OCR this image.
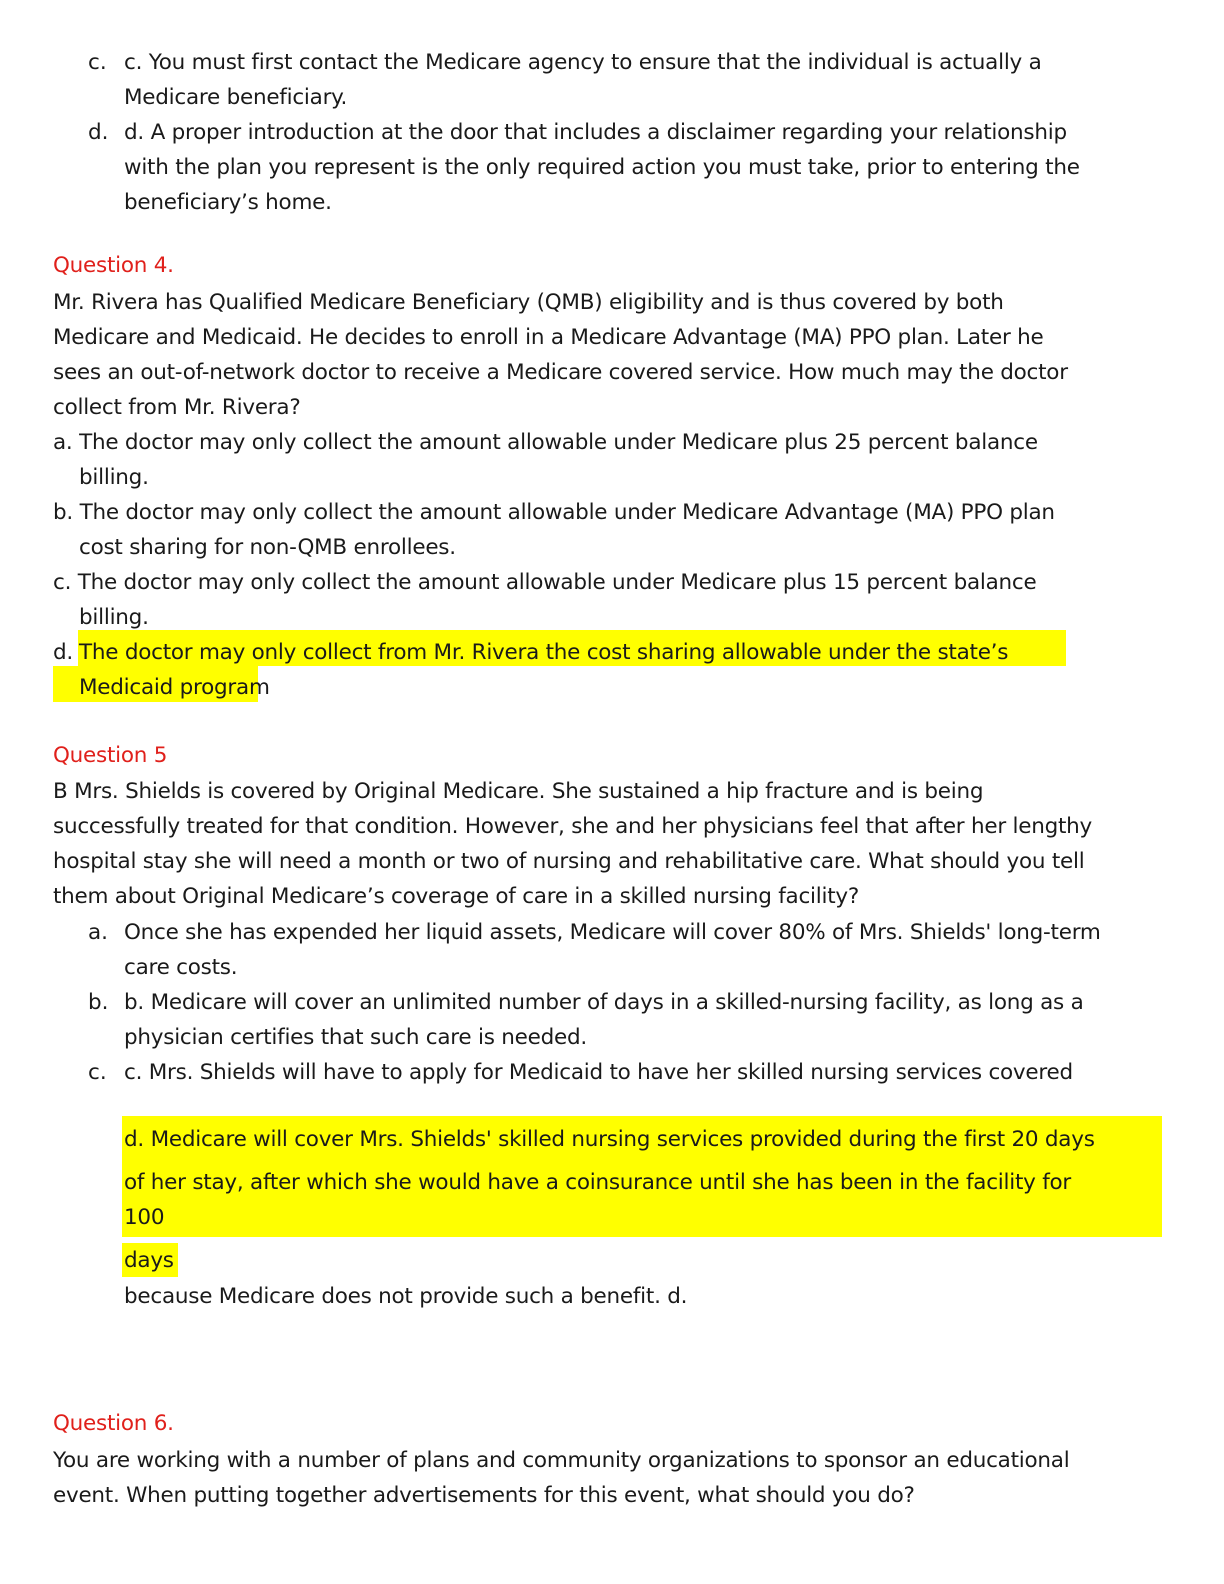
c. c. You must first contact the Medicare agency to ensure that the individual is actually a
Medicare beneficiary.
d. d. A proper introduction at the door that includes a disclaimer regarding your relationship
with the plan you represent is the only required action you must take, prior to entering the
beneficiary’s home.
Question 4.
Mr. Rivera has Qualified Medicare Beneficiary (QMB) eligibility and is thus covered by both
Medicare and Medicaid. He decides to enroll in a Medicare Advantage (MA) PPO plan. Later he
sees an out-of-network doctor to receive a Medicare covered service. How much may the doctor
collect from Mr. Rivera?
a. The doctor may only collect the amount allowable under Medicare plus 25 percent balance
billing.
b. The doctor may only collect the amount allowable under Medicare Advantage (MA) PPO plan
cost sharing for non-QMB enrollees.
c. The doctor may only collect the amount allowable under Medicare plus 15 percent balance
billing.
d. The doctor may only collect from Mr. Rivera the cost sharing allowable under the state’s
Medicaid program
Question 5
B Mrs. Shields is covered by Original Medicare. She sustained a hip fracture and is being
successfully treated for that condition. However, she and her physicians feel that after her lengthy
hospital stay she will need a month or two of nursing and rehabilitative care. What should you tell
them about Original Medicare’s coverage of care in a skilled nursing facility?
a. Once she has expended her liquid assets, Medicare will cover 80% of Mrs. Shields' long-term
care costs.
b. b. Medicare will cover an unlimited number of days in a skilled-nursing facility, as long as a
physician certifies that such care is needed.
c. c. Mrs. Shields will have to apply for Medicaid to have her skilled nursing services covered
d. Medicare will cover Mrs. Shields' skilled nursing services provided during the first 20 days
of her stay, after which she would have a coinsurance until she has been in the facility for
100
days
because Medicare does not provide such a benefit. d.
Question 6.
You are working with a number of plans and community organizations to sponsor an educational
event. When putting together advertisements for this event, what should you do?
